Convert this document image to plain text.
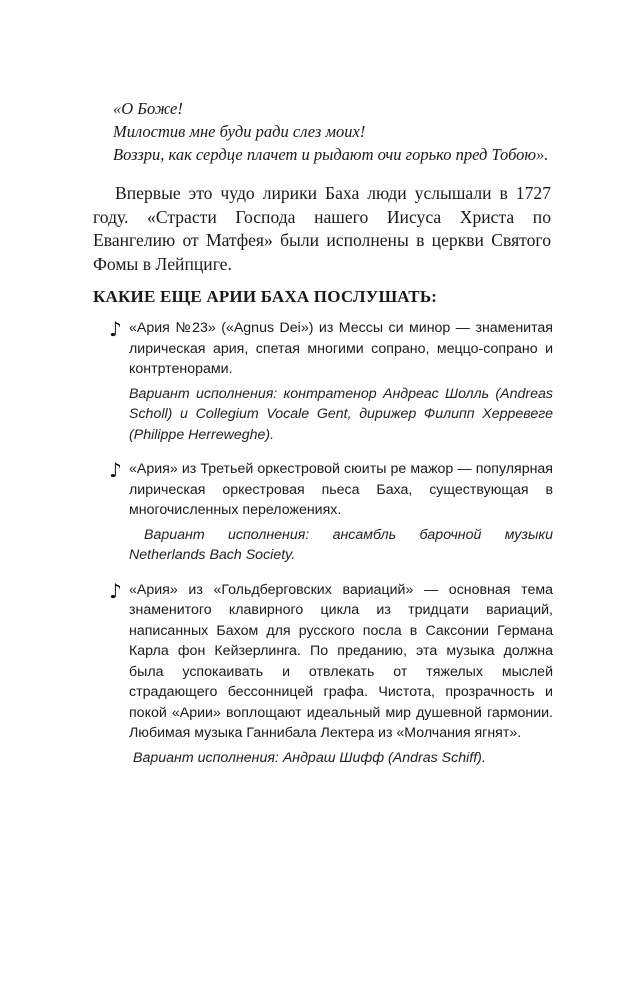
«О Боже!
Милостив мне буди ради слез моих!
Воззри, как сердце плачет и рыдают очи горько пред Тобою».

Впервые это чудо лирики Баха люди услышали в 1727 году. «Страсти Господа нашего Иисуса Христа по Евангелию от Матфея» были исполнены в церкви Святого Фомы в Лейпциге.

КАКИЕ ЕЩЕ АРИИ БАХА ПОСЛУШАТЬ:
♪ «Ария №23» («Agnus Dei») из Мессы си минор — знаменитая лирическая ария, спетая многими сопрано, меццо-сопрано и контртенорами.

Вариант исполнения: контратенор Андреас Шолль (Andreas Scholl) и Collegium Vocale Gent, дирижер Филипп Херревеге (Philippe Herreweghe).

♪ «Ария» из Третьей оркестровой сюиты ре мажор — популярная лирическая оркестровая пьеса Баха, существующая в многочисленных переложениях.

Вариант исполнения: ансамбль барочной музыки Netherlands Bach Society.

♪ «Ария» из «Гольдберговских вариаций» — основная тема знаменитого клавирного цикла из тридцати вариаций, написанных Бахом для русского посла в Саксонии Германа Карла фон Кейзерлинга. По преданию, эта музыка должна была успокаивать и отвлекать от тяжелых мыслей страдающего бессонницей графа. Чистота, прозрачность и покой «Арии» воплощают идеальный мир душевной гармонии. Любимая музыка Ганнибала Лектера из «Молчания ягнят».

Вариант исполнения: Андраш Шифф (Andras Schiff).
